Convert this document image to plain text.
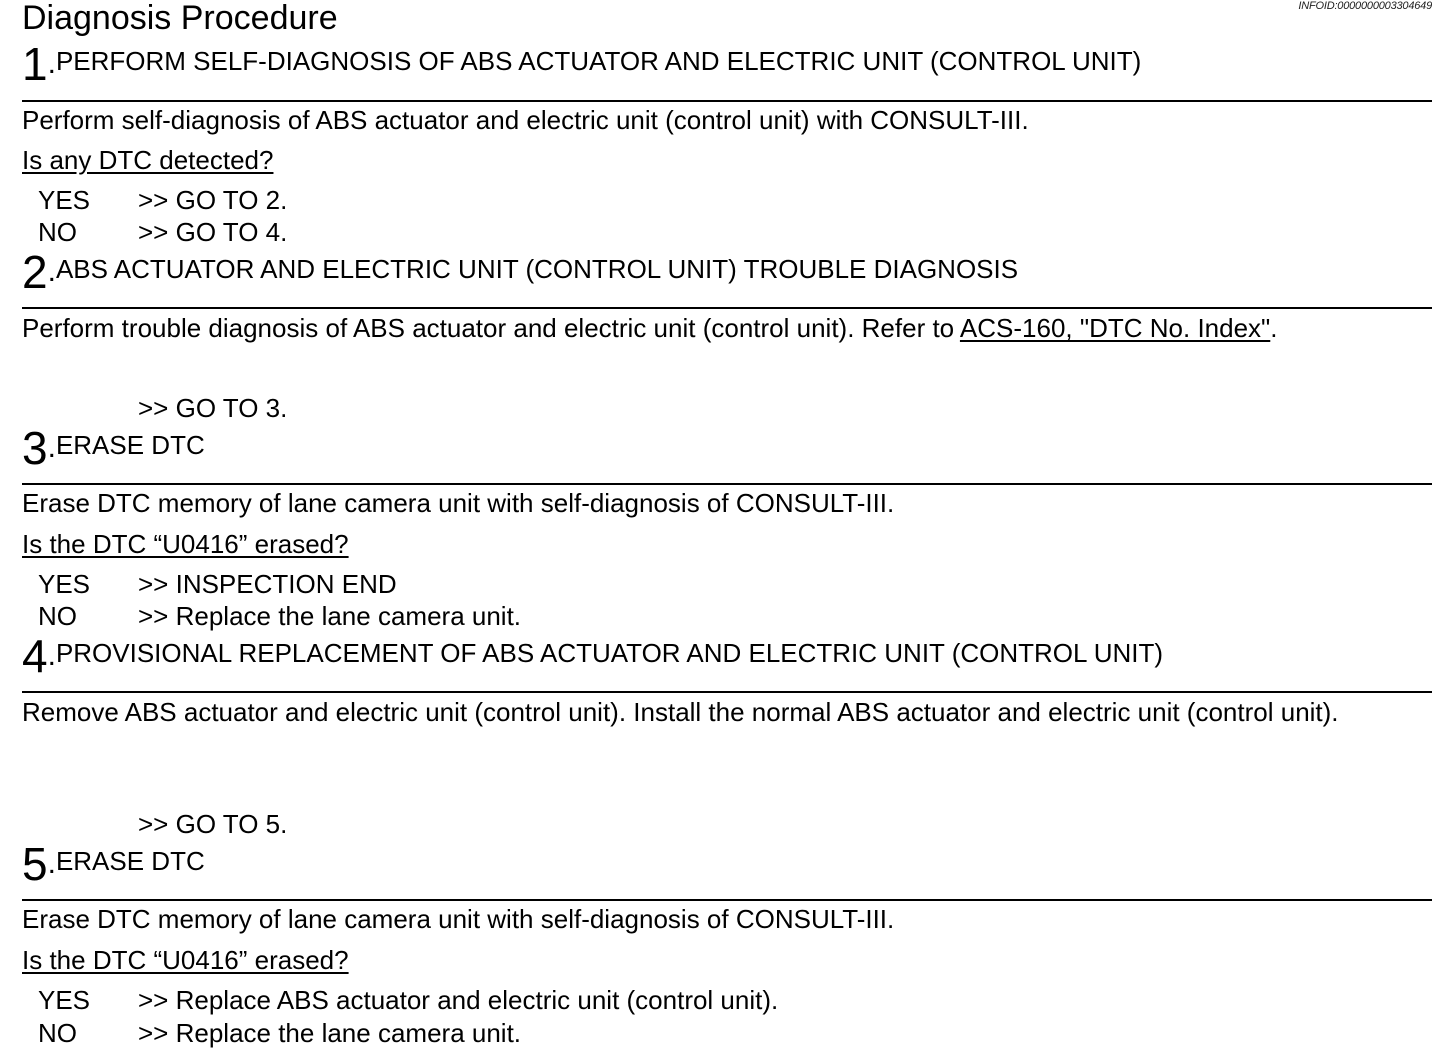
Diagnosis Procedure	INFOID:0000000003304649
1.PERFORM SELF-DIAGNOSIS OF ABS ACTUATOR AND ELECTRIC UNIT (CONTROL UNIT)
Perform self-diagnosis of ABS actuator and electric unit (control unit) with CONSULT-III.
Is any DTC detected?
YES >> GO TO 2.
NO >> GO TO 4.
2.ABS ACTUATOR AND ELECTRIC UNIT (CONTROL UNIT) TROUBLE DIAGNOSIS
Perform trouble diagnosis of ABS actuator and electric unit (control unit). Refer to ACS-160, "DTC No. Index".
>> GO TO 3.
3.ERASE DTC
Erase DTC memory of lane camera unit with self-diagnosis of CONSULT-III.
Is the DTC “U0416” erased?
YES >> INSPECTION END
NO >> Replace the lane camera unit.
4.PROVISIONAL REPLACEMENT OF ABS ACTUATOR AND ELECTRIC UNIT (CONTROL UNIT)
Remove ABS actuator and electric unit (control unit). Install the normal ABS actuator and electric unit (control unit).
>> GO TO 5.
5.ERASE DTC
Erase DTC memory of lane camera unit with self-diagnosis of CONSULT-III.
Is the DTC “U0416” erased?
YES >> Replace ABS actuator and electric unit (control unit).
NO >> Replace the lane camera unit.
